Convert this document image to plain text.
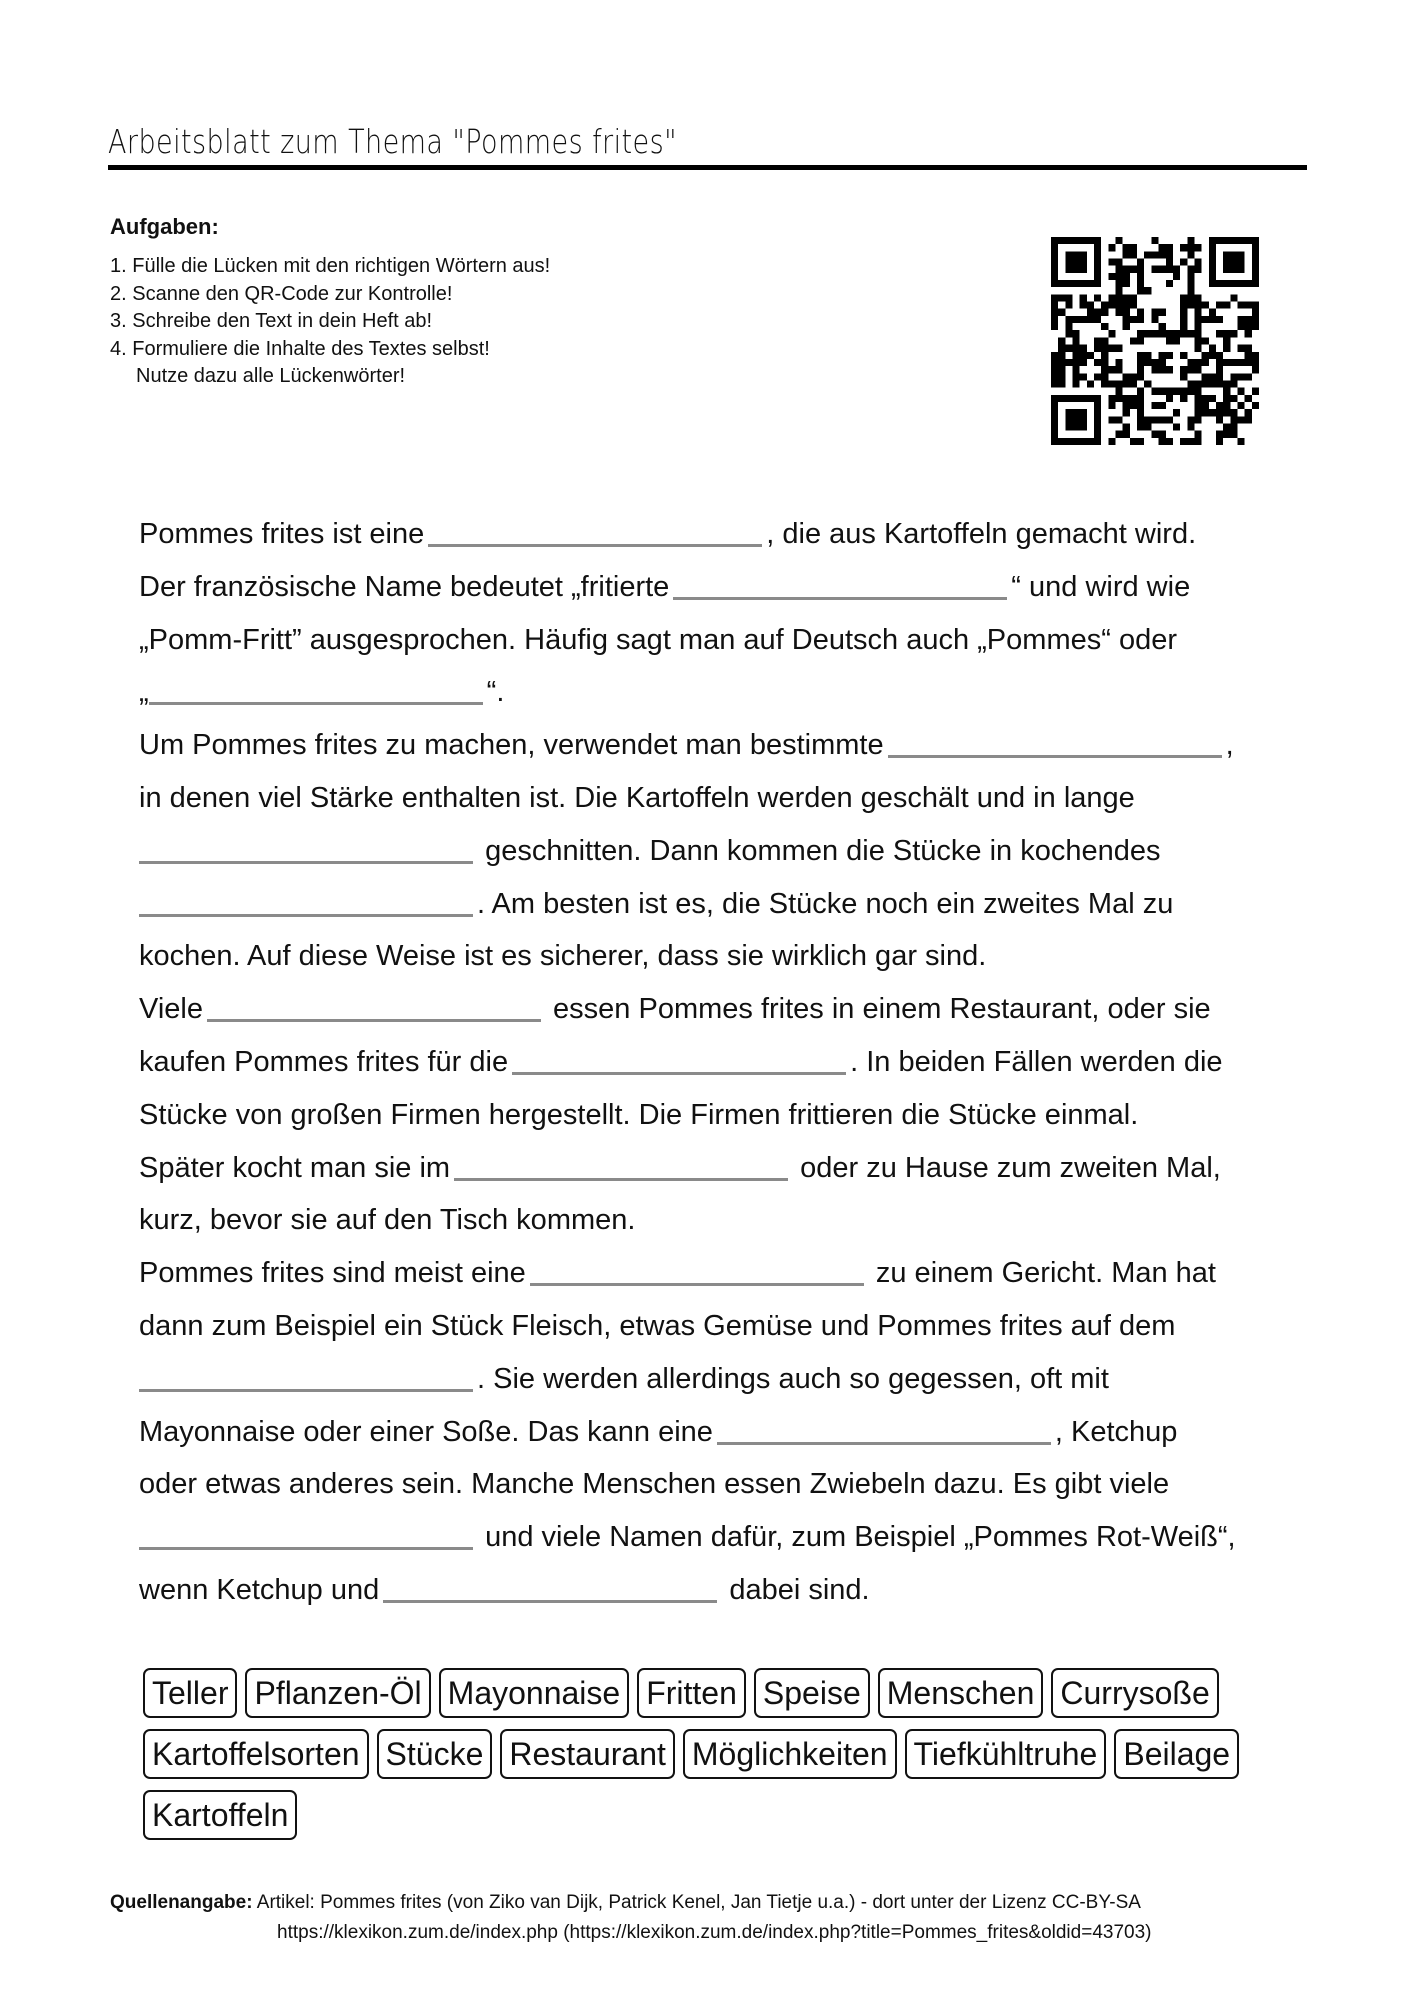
Arbeitsblatt zum Thema "Pommes frites"
Aufgaben:
1. Fülle die Lücken mit den richtigen Wörtern aus!
2. Scanne den QR-Code zur Kontrolle!
3. Schreibe den Text in dein Heft ab!
4. Formuliere die Inhalte des Textes selbst!
Nutze dazu alle Lückenwörter!
Pommes frites ist eine	, die aus Kartoffeln gemacht wird.
Der französische Name bedeutet „fritierte	“ und wird wie
„Pomm-Fritt” ausgesprochen. Häufig sagt man auf Deutsch auch „Pommes“ oder
„	“.
Um Pommes frites zu machen, verwendet man bestimmte	,
in denen viel Stärke enthalten ist. Die Kartoffeln werden geschält und in lange
geschnitten. Dann kommen die Stücke in kochendes
. Am besten ist es, die Stücke noch ein zweites Mal zu
kochen. Auf diese Weise ist es sicherer, dass sie wirklich gar sind.
Viele	essen Pommes frites in einem Restaurant, oder sie
kaufen Pommes frites für die	. In beiden Fällen werden die
Stücke von großen Firmen hergestellt. Die Firmen frittieren die Stücke einmal.
Später kocht man sie im	oder zu Hause zum zweiten Mal,
kurz, bevor sie auf den Tisch kommen.
Pommes frites sind meist eine	zu einem Gericht. Man hat
dann zum Beispiel ein Stück Fleisch, etwas Gemüse und Pommes frites auf dem
. Sie werden allerdings auch so gegessen, oft mit
Mayonnaise oder einer Soße. Das kann eine	, Ketchup
oder etwas anderes sein. Manche Menschen essen Zwiebeln dazu. Es gibt viele
und viele Namen dafür, zum Beispiel „Pommes Rot-Weiß“,
wenn Ketchup und	dabei sind.
Teller Pflanzen-Öl Mayonnaise Fritten Speise Menschen Currysoße
Kartoffelsorten Stücke Restaurant Möglichkeiten Tiefkühltruhe Beilage
Kartoffeln
Quellenangabe: Artikel: Pommes frites (von Ziko van Dijk, Patrick Kenel, Jan Tietje u.a.) - dort unter der Lizenz CC-BY-SA
https://klexikon.zum.de/index.php (https://klexikon.zum.de/index.php?title=Pommes_frites&oldid=43703)
